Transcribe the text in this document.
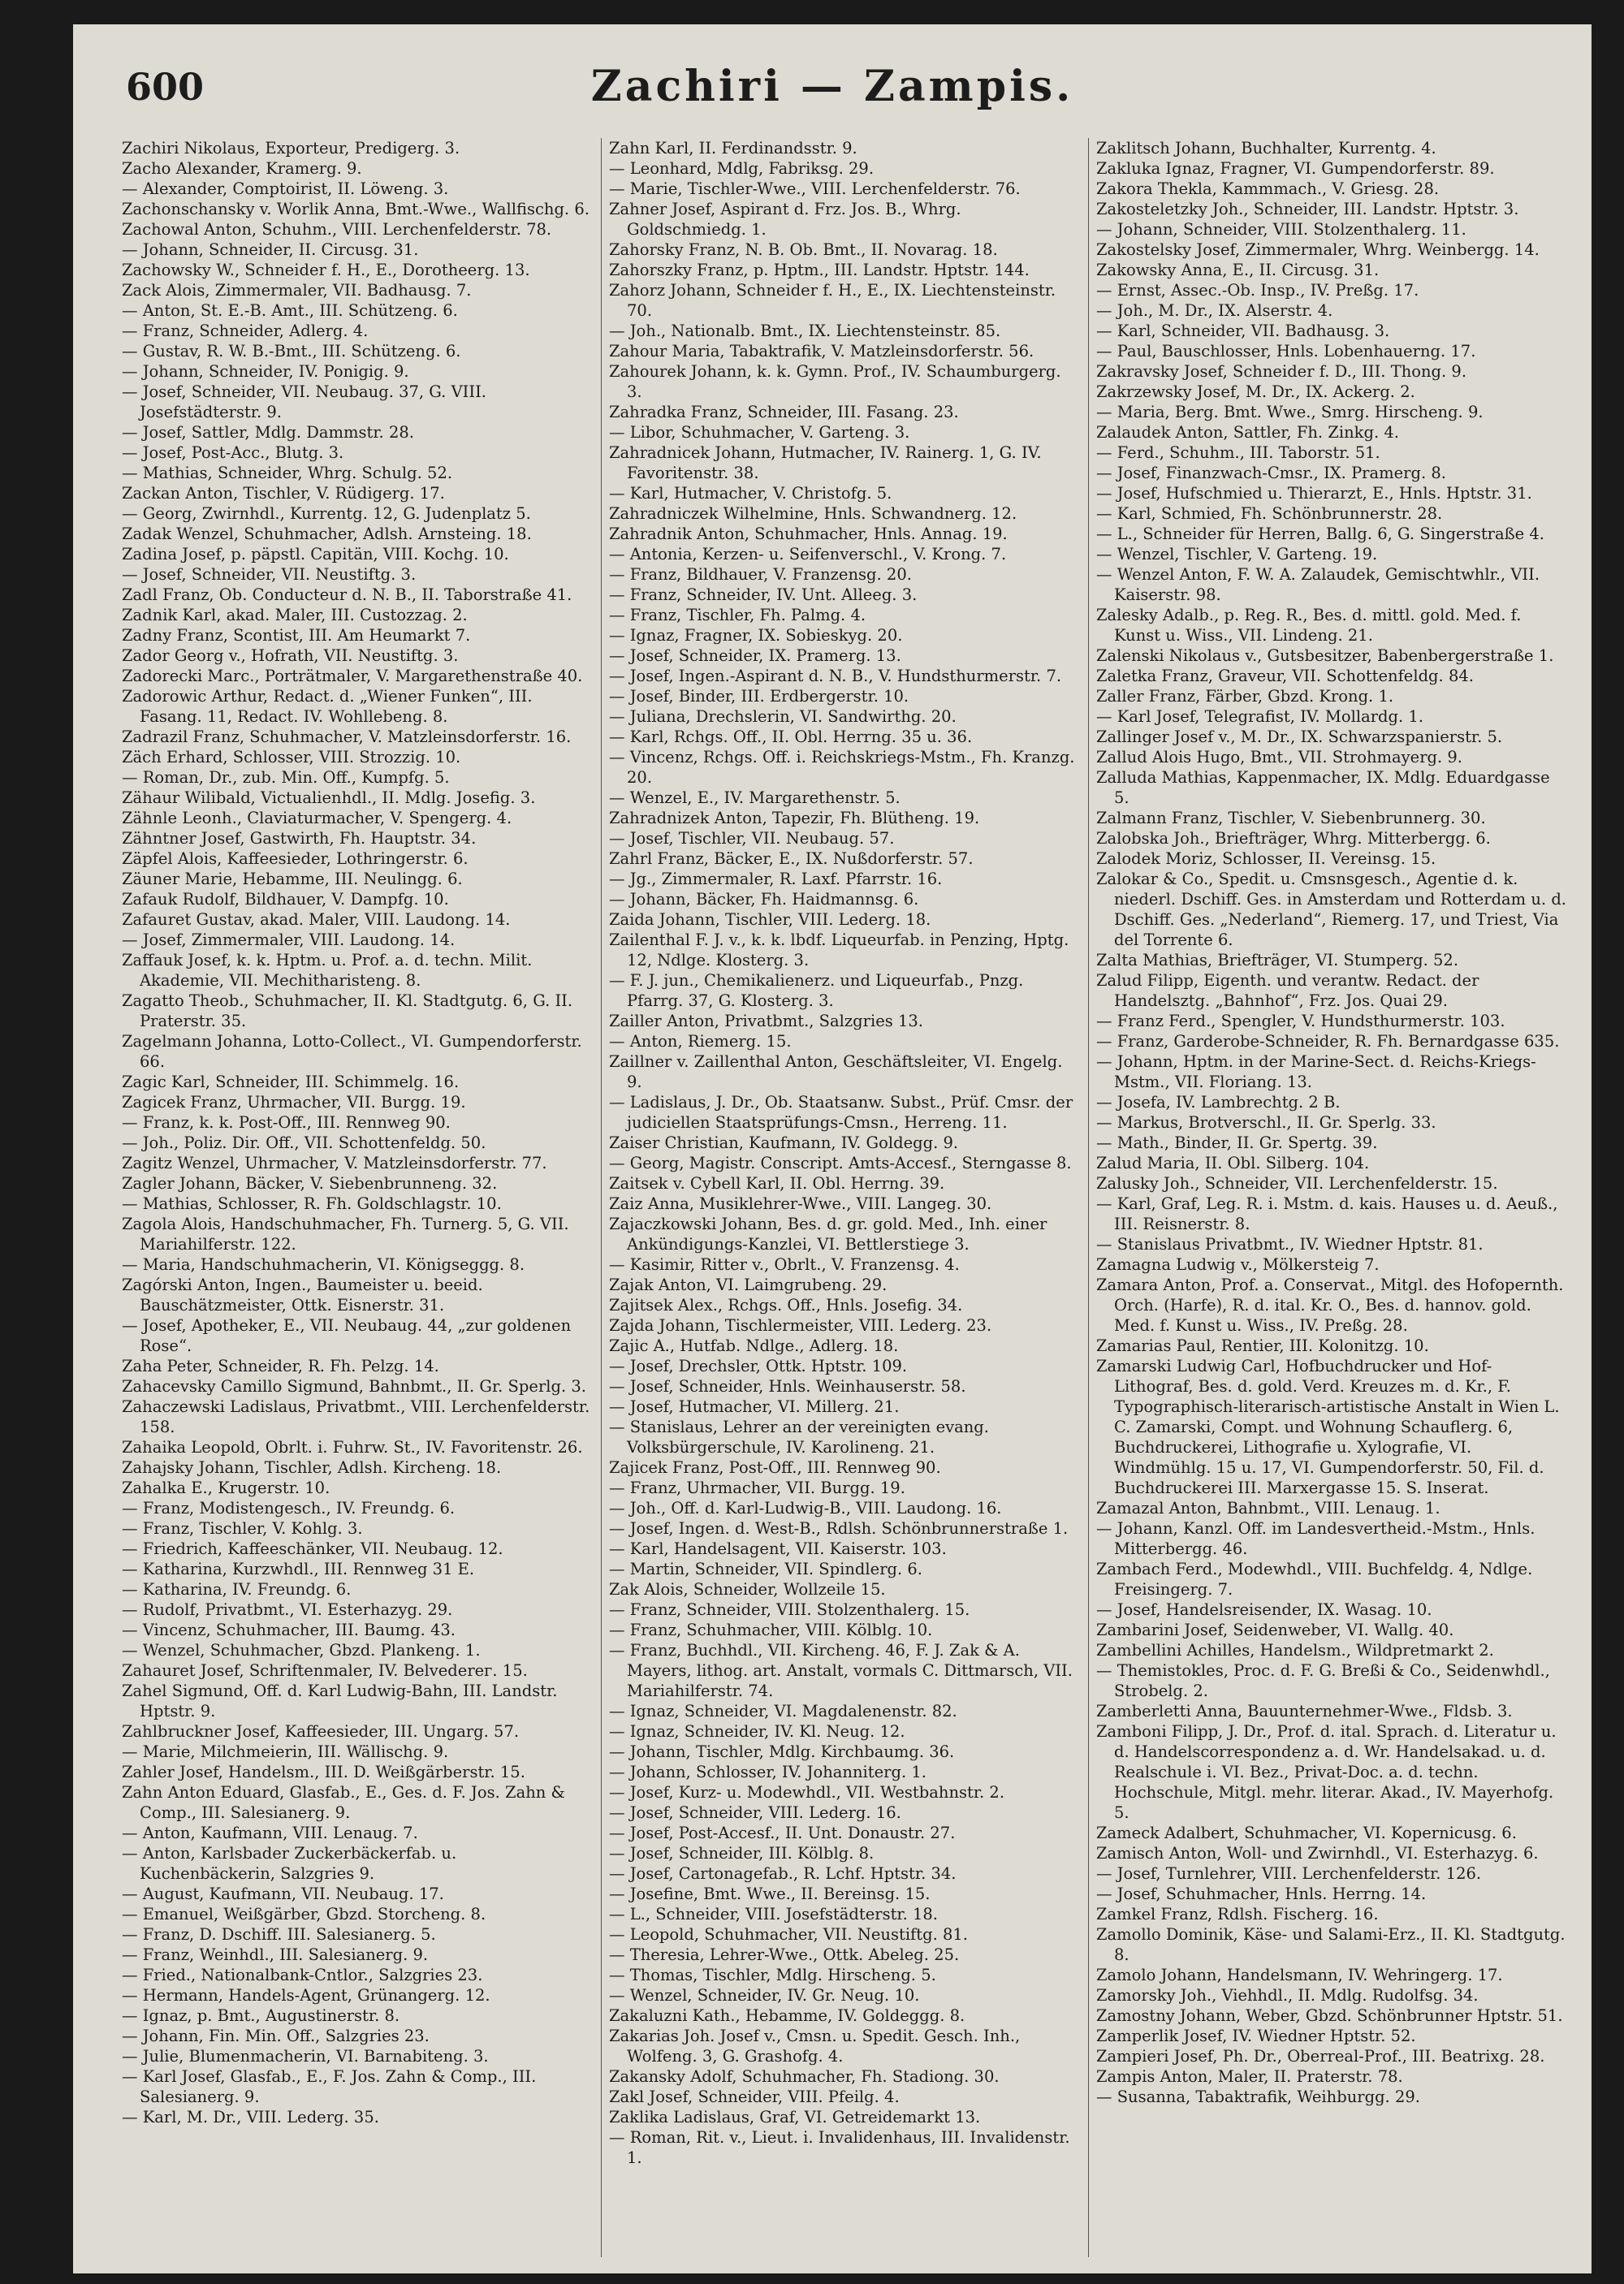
600	Zachiri — Zampis.
Zachiri Nikolaus, Exporteur, Predigerg. 3.
Zacho Alexander, Kramerg. 9.
— Alexander, Comptoirist, II. Löweng. 3.
Zachonschansky v. Worlik Anna, Bmt.-Wwe., Wallfischg. 6.
Zachowal Anton, Schuhm., VIII. Lerchenfelderstr. 78.
— Johann, Schneider, II. Circusg. 31.
Zachowsky W., Schneider f. H., E., Dorotheerg. 13.
Zack Alois, Zimmermaler, VII. Badhausg. 7.
— Anton, St. E.-B. Amt., III. Schützeng. 6.
— Franz, Schneider, Adlerg. 4.
— Gustav, R. W. B.-Bmt., III. Schützeng. 6.
— Johann, Schneider, IV. Ponigig. 9.
— Josef, Schneider, VII. Neubaug. 37, G. VIII. Josefstädterstr. 9.
— Josef, Sattler, Mdlg. Dammstr. 28.
— Josef, Post-Acc., Blutg. 3.
— Mathias, Schneider, Whrg. Schulg. 52.
Zackan Anton, Tischler, V. Rüdigerg. 17.
— Georg, Zwirnhdl., Kurrentg. 12, G. Judenplatz 5.
Zadak Wenzel, Schuhmacher, Adlsh. Arnsteing. 18.
Zadina Josef, p. päpstl. Capitän, VIII. Kochg. 10.
— Josef, Schneider, VII. Neustiftg. 3.
Zadl Franz, Ob. Conducteur d. N. B., II. Taborstraße 41.
Zadnik Karl, akad. Maler, III. Custozzag. 2.
Zadny Franz, Scontist, III. Am Heumarkt 7.
Zador Georg v., Hofrath, VII. Neustiftg. 3.
Zadorecki Marc., Porträtmaler, V. Margarethenstraße 40.
Zadorowic Arthur, Redact. d. „Wiener Funken“, III. Fasang. 11, Redact. IV. Wohllebeng. 8.
Zadrazil Franz, Schuhmacher, V. Matzleinsdorferstr. 16.
Zäch Erhard, Schlosser, VIII. Strozzig. 10.
— Roman, Dr., zub. Min. Off., Kumpfg. 5.
Zähaur Wilibald, Victualienhdl., II. Mdlg. Josefig. 3.
Zähnle Leonh., Claviaturmacher, V. Spengerg. 4.
Zähntner Josef, Gastwirth, Fh. Hauptstr. 34.
Zäpfel Alois, Kaffeesieder, Lothringerstr. 6.
Zäuner Marie, Hebamme, III. Neulingg. 6.
Zafauk Rudolf, Bildhauer, V. Dampfg. 10.
Zafauret Gustav, akad. Maler, VIII. Laudong. 14.
— Josef, Zimmermaler, VIII. Laudong. 14.
Zaffauk Josef, k. k. Hptm. u. Prof. a. d. techn. Milit. Akademie, VII. Mechitharisteng. 8.
Zagatto Theob., Schuhmacher, II. Kl. Stadtgutg. 6, G. II. Praterstr. 35.
Zagelmann Johanna, Lotto-Collect., VI. Gumpendorferstr. 66.
Zagic Karl, Schneider, III. Schimmelg. 16.
Zagicek Franz, Uhrmacher, VII. Burgg. 19.
— Franz, k. k. Post-Off., III. Rennweg 90.
— Joh., Poliz. Dir. Off., VII. Schottenfeldg. 50.
Zagitz Wenzel, Uhrmacher, V. Matzleinsdorferstr. 77.
Zagler Johann, Bäcker, V. Siebenbrunneng. 32.
— Mathias, Schlosser, R. Fh. Goldschlagstr. 10.
Zagola Alois, Handschuhmacher, Fh. Turnerg. 5, G. VII. Mariahilferstr. 122.
— Maria, Handschuhmacherin, VI. Königseggg. 8.
Zagórski Anton, Ingen., Baumeister u. beeid. Bauschätzmeister, Ottk. Eisnerstr. 31.
— Josef, Apotheker, E., VII. Neubaug. 44, „zur goldenen Rose“.
Zaha Peter, Schneider, R. Fh. Pelzg. 14.
Zahacevsky Camillo Sigmund, Bahnbmt., II. Gr. Sperlg. 3.
Zahaczewski Ladislaus, Privatbmt., VIII. Lerchenfelderstr. 158.
Zahaika Leopold, Obrlt. i. Fuhrw. St., IV. Favoritenstr. 26.
Zahajsky Johann, Tischler, Adlsh. Kircheng. 18.
Zahalka E., Krugerstr. 10.
— Franz, Modistengesch., IV. Freundg. 6.
— Franz, Tischler, V. Kohlg. 3.
— Friedrich, Kaffeeschänker, VII. Neubaug. 12.
— Katharina, Kurzwhdl., III. Rennweg 31 E.
— Katharina, IV. Freundg. 6.
— Rudolf, Privatbmt., VI. Esterhazyg. 29.
— Vincenz, Schuhmacher, III. Baumg. 43.
— Wenzel, Schuhmacher, Gbzd. Plankeng. 1.
Zahauret Josef, Schriftenmaler, IV. Belvederег. 15.
Zahel Sigmund, Off. d. Karl Ludwig-Bahn, III. Landstr. Hptstr. 9.
Zahlbruckner Josef, Kaffeesieder, III. Ungarg. 57.
— Marie, Milchmeierin, III. Wällischg. 9.
Zahler Josef, Handelsm., III. D. Weißgärberstr. 15.
Zahn Anton Eduard, Glasfab., E., Ges. d. F. Jos. Zahn & Comp., III. Salesianerg. 9.
— Anton, Kaufmann, VIII. Lenaug. 7.
— Anton, Karlsbader Zuckerbäckerfab. u. Kuchenbäckerin, Salzgries 9.
— August, Kaufmann, VII. Neubaug. 17.
— Emanuel, Weißgärber, Gbzd. Storcheng. 8.
— Franz, D. Dschiff. III. Salesianerg. 5.
— Franz, Weinhdl., III. Salesianerg. 9.
— Fried., Nationalbank-Cntlor., Salzgries 23.
— Hermann, Handels-Agent, Grünangerg. 12.
— Ignaz, p. Bmt., Augustinerstr. 8.
— Johann, Fin. Min. Off., Salzgries 23.
— Julie, Blumenmacherin, VI. Barnabiteng. 3.
— Karl Josef, Glasfab., E., F. Jos. Zahn & Comp., III. Salesianerg. 9.
— Karl, M. Dr., VIII. Lederg. 35.
Zahn Karl, II. Ferdinandsstr. 9.
— Leonhard, Mdlg, Fabriksg. 29.
— Marie, Tischler-Wwe., VIII. Lerchenfelderstr. 76.
Zahner Josef, Aspirant d. Frz. Jos. B., Whrg. Goldschmiedg. 1.
Zahorsky Franz, N. B. Ob. Bmt., II. Novarag. 18.
Zahorszky Franz, p. Hptm., III. Landstr. Hptstr. 144.
Zahorz Johann, Schneider f. H., E., IX. Liechtensteinstr. 70.
— Joh., Nationalb. Bmt., IX. Liechtensteinstr. 85.
Zahour Maria, Tabaktrafik, V. Matzleinsdorferstr. 56.
Zahourek Johann, k. k. Gymn. Prof., IV. Schaumburgerg. 3.
Zahradka Franz, Schneider, III. Fasang. 23.
— Libor, Schuhmacher, V. Garteng. 3.
Zahradnicek Johann, Hutmacher, IV. Rainerg. 1, G. IV. Favoritenstr. 38.
— Karl, Hutmacher, V. Christofg. 5.
Zahradniczek Wilhelmine, Hnls. Schwandnerg. 12.
Zahradnik Anton, Schuhmacher, Hnls. Annag. 19.
— Antonia, Kerzen- u. Seifenverschl., V. Krong. 7.
— Franz, Bildhauer, V. Franzensg. 20.
— Franz, Schneider, IV. Unt. Alleeg. 3.
— Franz, Tischler, Fh. Palmg. 4.
— Ignaz, Fragner, IX. Sobieskyg. 20.
— Josef, Schneider, IX. Pramerg. 13.
— Josef, Ingen.-Aspirant d. N. B., V. Hundsthurmerstr. 7.
— Josef, Binder, III. Erdbergerstr. 10.
— Juliana, Drechslerin, VI. Sandwirthg. 20.
— Karl, Rchgs. Off., II. Obl. Herrng. 35 u. 36.
— Vincenz, Rchgs. Off. i. Reichskriegs-Mstm., Fh. Kranzg. 20.
— Wenzel, E., IV. Margarethenstr. 5.
Zahradnizek Anton, Tapezir, Fh. Blütheng. 19.
— Josef, Tischler, VII. Neubaug. 57.
Zahrl Franz, Bäcker, E., IX. Nußdorferstr. 57.
— Jg., Zimmermaler, R. Laxf. Pfarrstr. 16.
— Johann, Bäcker, Fh. Haidmannsg. 6.
Zaida Johann, Tischler, VIII. Lederg. 18.
Zailenthal F. J. v., k. k. lbdf. Liqueurfab. in Penzing, Hptg. 12, Ndlge. Klosterg. 3.
— F. J. jun., Chemikalienerz. und Liqueurfab., Pnzg. Pfarrg. 37, G. Klosterg. 3.
Zailler Anton, Privatbmt., Salzgries 13.
— Anton, Riemerg. 15.
Zaillner v. Zaillenthal Anton, Geschäftsleiter, VI. Engelg. 9.
— Ladislaus, J. Dr., Ob. Staatsanw. Subst., Prüf. Cmsr. der judiciellen Staatsprüfungs-Cmsn., Herreng. 11.
Zaiser Christian, Kaufmann, IV. Goldegg. 9.
— Georg, Magistr. Conscript. Amts-Accesf., Sterngasse 8.
Zaitsek v. Cybell Karl, II. Obl. Herrng. 39.
Zaiz Anna, Musiklehrer-Wwe., VIII. Langeg. 30.
Zajaczkowski Johann, Bes. d. gr. gold. Med., Inh. einer Ankündigungs-Kanzlei, VI. Bettlerstiege 3.
— Kasimir, Ritter v., Obrlt., V. Franzensg. 4.
Zajak Anton, VI. Laimgrubeng. 29.
Zajitsek Alex., Rchgs. Off., Hnls. Josefig. 34.
Zajda Johann, Tischlermeister, VIII. Lederg. 23.
Zajic A., Hutfab. Ndlge., Adlerg. 18.
— Josef, Drechsler, Ottk. Hptstr. 109.
— Josef, Schneider, Hnls. Weinhauserstr. 58.
— Josef, Hutmacher, VI. Millerg. 21.
— Stanislaus, Lehrer an der vereinigten evang. Volksbürgerschule, IV. Karolineng. 21.
Zajicek Franz, Post-Off., III. Rennweg 90.
— Franz, Uhrmacher, VII. Burgg. 19.
— Joh., Off. d. Karl-Ludwig-B., VIII. Laudong. 16.
— Josef, Ingen. d. West-B., Rdlsh. Schönbrunnerstraße 1.
— Karl, Handelsagent, VII. Kaiserstr. 103.
— Martin, Schneider, VII. Spindlerg. 6.
Zak Alois, Schneider, Wollzeile 15.
— Franz, Schneider, VIII. Stolzenthalerg. 15.
— Franz, Schuhmacher, VIII. Kölblg. 10.
— Franz, Buchhdl., VII. Kircheng. 46, F. J. Zak & A. Mayers, lithog. art. Anstalt, vormals C. Dittmarsch, VII. Mariahilferstr. 74.
— Ignaz, Schneider, VI. Magdalenenstr. 82.
— Ignaz, Schneider, IV. Kl. Neug. 12.
— Johann, Tischler, Mdlg. Kirchbaumg. 36.
— Johann, Schlosser, IV. Johanniterg. 1.
— Josef, Kurz- u. Modewhdl., VII. Westbahnstr. 2.
— Josef, Schneider, VIII. Lederg. 16.
— Josef, Post-Accesf., II. Unt. Donaustr. 27.
— Josef, Schneider, III. Kölblg. 8.
— Josef, Cartonagefab., R. Lchf. Hptstr. 34.
— Josefine, Bmt. Wwe., II. Bereinsg. 15.
— L., Schneider, VIII. Josefstädterstr. 18.
— Leopold, Schuhmacher, VII. Neustiftg. 81.
— Theresia, Lehrer-Wwe., Ottk. Abeleg. 25.
— Thomas, Tischler, Mdlg. Hirscheng. 5.
— Wenzel, Schneider, IV. Gr. Neug. 10.
Zakaluzni Kath., Hebamme, IV. Goldeggg. 8.
Zakarias Joh. Josef v., Cmsn. u. Spedit. Gesch. Inh., Wolfeng. 3, G. Grashofg. 4.
Zakansky Adolf, Schuhmacher, Fh. Stadiong. 30.
Zakl Josef, Schneider, VIII. Pfeilg. 4.
Zaklika Ladislaus, Graf, VI. Getreidemarkt 13.
— Roman, Rit. v., Lieut. i. Invalidenhaus, III. Invalidenstr. 1.
Zaklitsch Johann, Buchhalter, Kurrentg. 4.
Zakluka Ignaz, Fragner, VI. Gumpendorferstr. 89.
Zakora Thekla, Kammmach., V. Griesg. 28.
Zakosteletzky Joh., Schneider, III. Landstr. Hptstr. 3.
— Johann, Schneider, VIII. Stolzenthalerg. 11.
Zakostelsky Josef, Zimmermaler, Whrg. Weinbergg. 14.
Zakowsky Anna, E., II. Circusg. 31.
— Ernst, Assec.-Ob. Insp., IV. Preßg. 17.
— Joh., M. Dr., IX. Alserstr. 4.
— Karl, Schneider, VII. Badhausg. 3.
— Paul, Bauschlosser, Hnls. Lobenhauerng. 17.
Zakravsky Josef, Schneider f. D., III. Thong. 9.
Zakrzewsky Josef, M. Dr., IX. Ackerg. 2.
— Maria, Berg. Bmt. Wwe., Smrg. Hirscheng. 9.
Zalaudek Anton, Sattler, Fh. Zinkg. 4.
— Ferd., Schuhm., III. Taborstr. 51.
— Josef, Finanzwach-Cmsr., IX. Pramerg. 8.
— Josef, Hufschmied u. Thierarzt, E., Hnls. Hptstr. 31.
— Karl, Schmied, Fh. Schönbrunnerstr. 28.
— L., Schneider für Herren, Ballg. 6, G. Singerstraße 4.
— Wenzel, Tischler, V. Garteng. 19.
— Wenzel Anton, F. W. A. Zalaudek, Gemischtwhlr., VII. Kaiserstr. 98.
Zalesky Adalb., p. Reg. R., Bes. d. mittl. gold. Med. f. Kunst u. Wiss., VII. Lindeng. 21.
Zalenski Nikolaus v., Gutsbesitzer, Babenbergerstraße 1.
Zaletka Franz, Graveur, VII. Schottenfeldg. 84.
Zaller Franz, Färber, Gbzd. Krong. 1.
— Karl Josef, Telegrafist, IV. Mollardg. 1.
Zallinger Josef v., M. Dr., IX. Schwarzspanierstr. 5.
Zallud Alois Hugo, Bmt., VII. Strohmayerg. 9.
Zalluda Mathias, Kappenmacher, IX. Mdlg. Eduardgasse 5.
Zalmann Franz, Tischler, V. Siebenbrunnerg. 30.
Zalobska Joh., Briefträger, Whrg. Mitterbergg. 6.
Zalodek Moriz, Schlosser, II. Vereinsg. 15.
Zalokar & Co., Spedit. u. Cmsnsgesch., Agentie d. k. niederl. Dschiff. Ges. in Amsterdam und Rotterdam u. d. Dschiff. Ges. „Nederland“, Riemerg. 17, und Triest, Via del Torrente 6.
Zalta Mathias, Briefträger, VI. Stumperg. 52.
Zalud Filipp, Eigenth. und verantw. Redact. der Handelsztg. „Bahnhof“, Frz. Jos. Quai 29.
— Franz Ferd., Spengler, V. Hundsthurmerstr. 103.
— Franz, Garderobe-Schneider, R. Fh. Bernardgasse 635.
— Johann, Hptm. in der Marine-Sect. d. Reichs-Kriegs-Mstm., VII. Floriang. 13.
— Josefa, IV. Lambrechtg. 2 B.
— Markus, Brotverschl., II. Gr. Sperlg. 33.
— Math., Binder, II. Gr. Spertg. 39.
Zalud Maria, II. Obl. Silberg. 104.
Zalusky Joh., Schneider, VII. Lerchenfelderstr. 15.
— Karl, Graf, Leg. R. i. Mstm. d. kais. Hauses u. d. Aeuß., III. Reisnerstr. 8.
— Stanislaus Privatbmt., IV. Wiedner Hptstr. 81.
Zamagna Ludwig v., Mölkersteig 7.
Zamara Anton, Prof. a. Conservat., Mitgl. des Hofopernth. Orch. (Harfe), R. d. ital. Kr. O., Bes. d. hannov. gold. Med. f. Kunst u. Wiss., IV. Preßg. 28.
Zamarias Paul, Rentier, III. Kolonitzg. 10.
Zamarski Ludwig Carl, Hofbuchdrucker und Hof-Lithograf, Bes. d. gold. Verd. Kreuzes m. d. Kr., F. Typographisch-literarisch-artistische Anstalt in Wien L. C. Zamarski, Compt. und Wohnung Schauflerg. 6, Buchdruckerei, Lithografie u. Xylografie, VI. Windmühlg. 15 u. 17, VI. Gumpendorferstr. 50, Fil. d. Buchdruckerei III. Marxergasse 15. S. Inserat.
Zamazal Anton, Bahnbmt., VIII. Lenaug. 1.
— Johann, Kanzl. Off. im Landesvertheid.-Mstm., Hnls. Mitterbergg. 46.
Zambach Ferd., Modewhdl., VIII. Buchfeldg. 4, Ndlge. Freisingerg. 7.
— Josef, Handelsreisender, IX. Wasag. 10.
Zambarini Josef, Seidenweber, VI. Wallg. 40.
Zambellini Achilles, Handelsm., Wildpretmarkt 2.
— Themistokles, Proc. d. F. G. Breßi & Co., Seidenwhdl., Strobelg. 2.
Zamberletti Anna, Bauunternehmer-Wwe., Fldsb. 3.
Zamboni Filipp, J. Dr., Prof. d. ital. Sprach. d. Literatur u. d. Handelscorrespondenz a. d. Wr. Handelsakad. u. d. Realschule i. VI. Bez., Privat-Doc. a. d. techn. Hochschule, Mitgl. mehr. literar. Akad., IV. Mayerhofg. 5.
Zameck Adalbert, Schuhmacher, VI. Kopernicusg. 6.
Zamisch Anton, Woll- und Zwirnhdl., VI. Esterhazyg. 6.
— Josef, Turnlehrer, VIII. Lerchenfelderstr. 126.
— Josef, Schuhmacher, Hnls. Herrng. 14.
Zamkel Franz, Rdlsh. Fischerg. 16.
Zamollo Dominik, Käse- und Salami-Erz., II. Kl. Stadtgutg. 8.
Zamolo Johann, Handelsmann, IV. Wehringerg. 17.
Zamorsky Joh., Viehhdl., II. Mdlg. Rudolfsg. 34.
Zamostny Johann, Weber, Gbzd. Schönbrunner Hptstr. 51.
Zamperlik Josef, IV. Wiedner Hptstr. 52.
Zampieri Josef, Ph. Dr., Oberreal-Prof., III. Beatrixg. 28.
Zampis Anton, Maler, II. Praterstr. 78.
— Susanna, Tabaktrafik, Weihburgg. 29.
